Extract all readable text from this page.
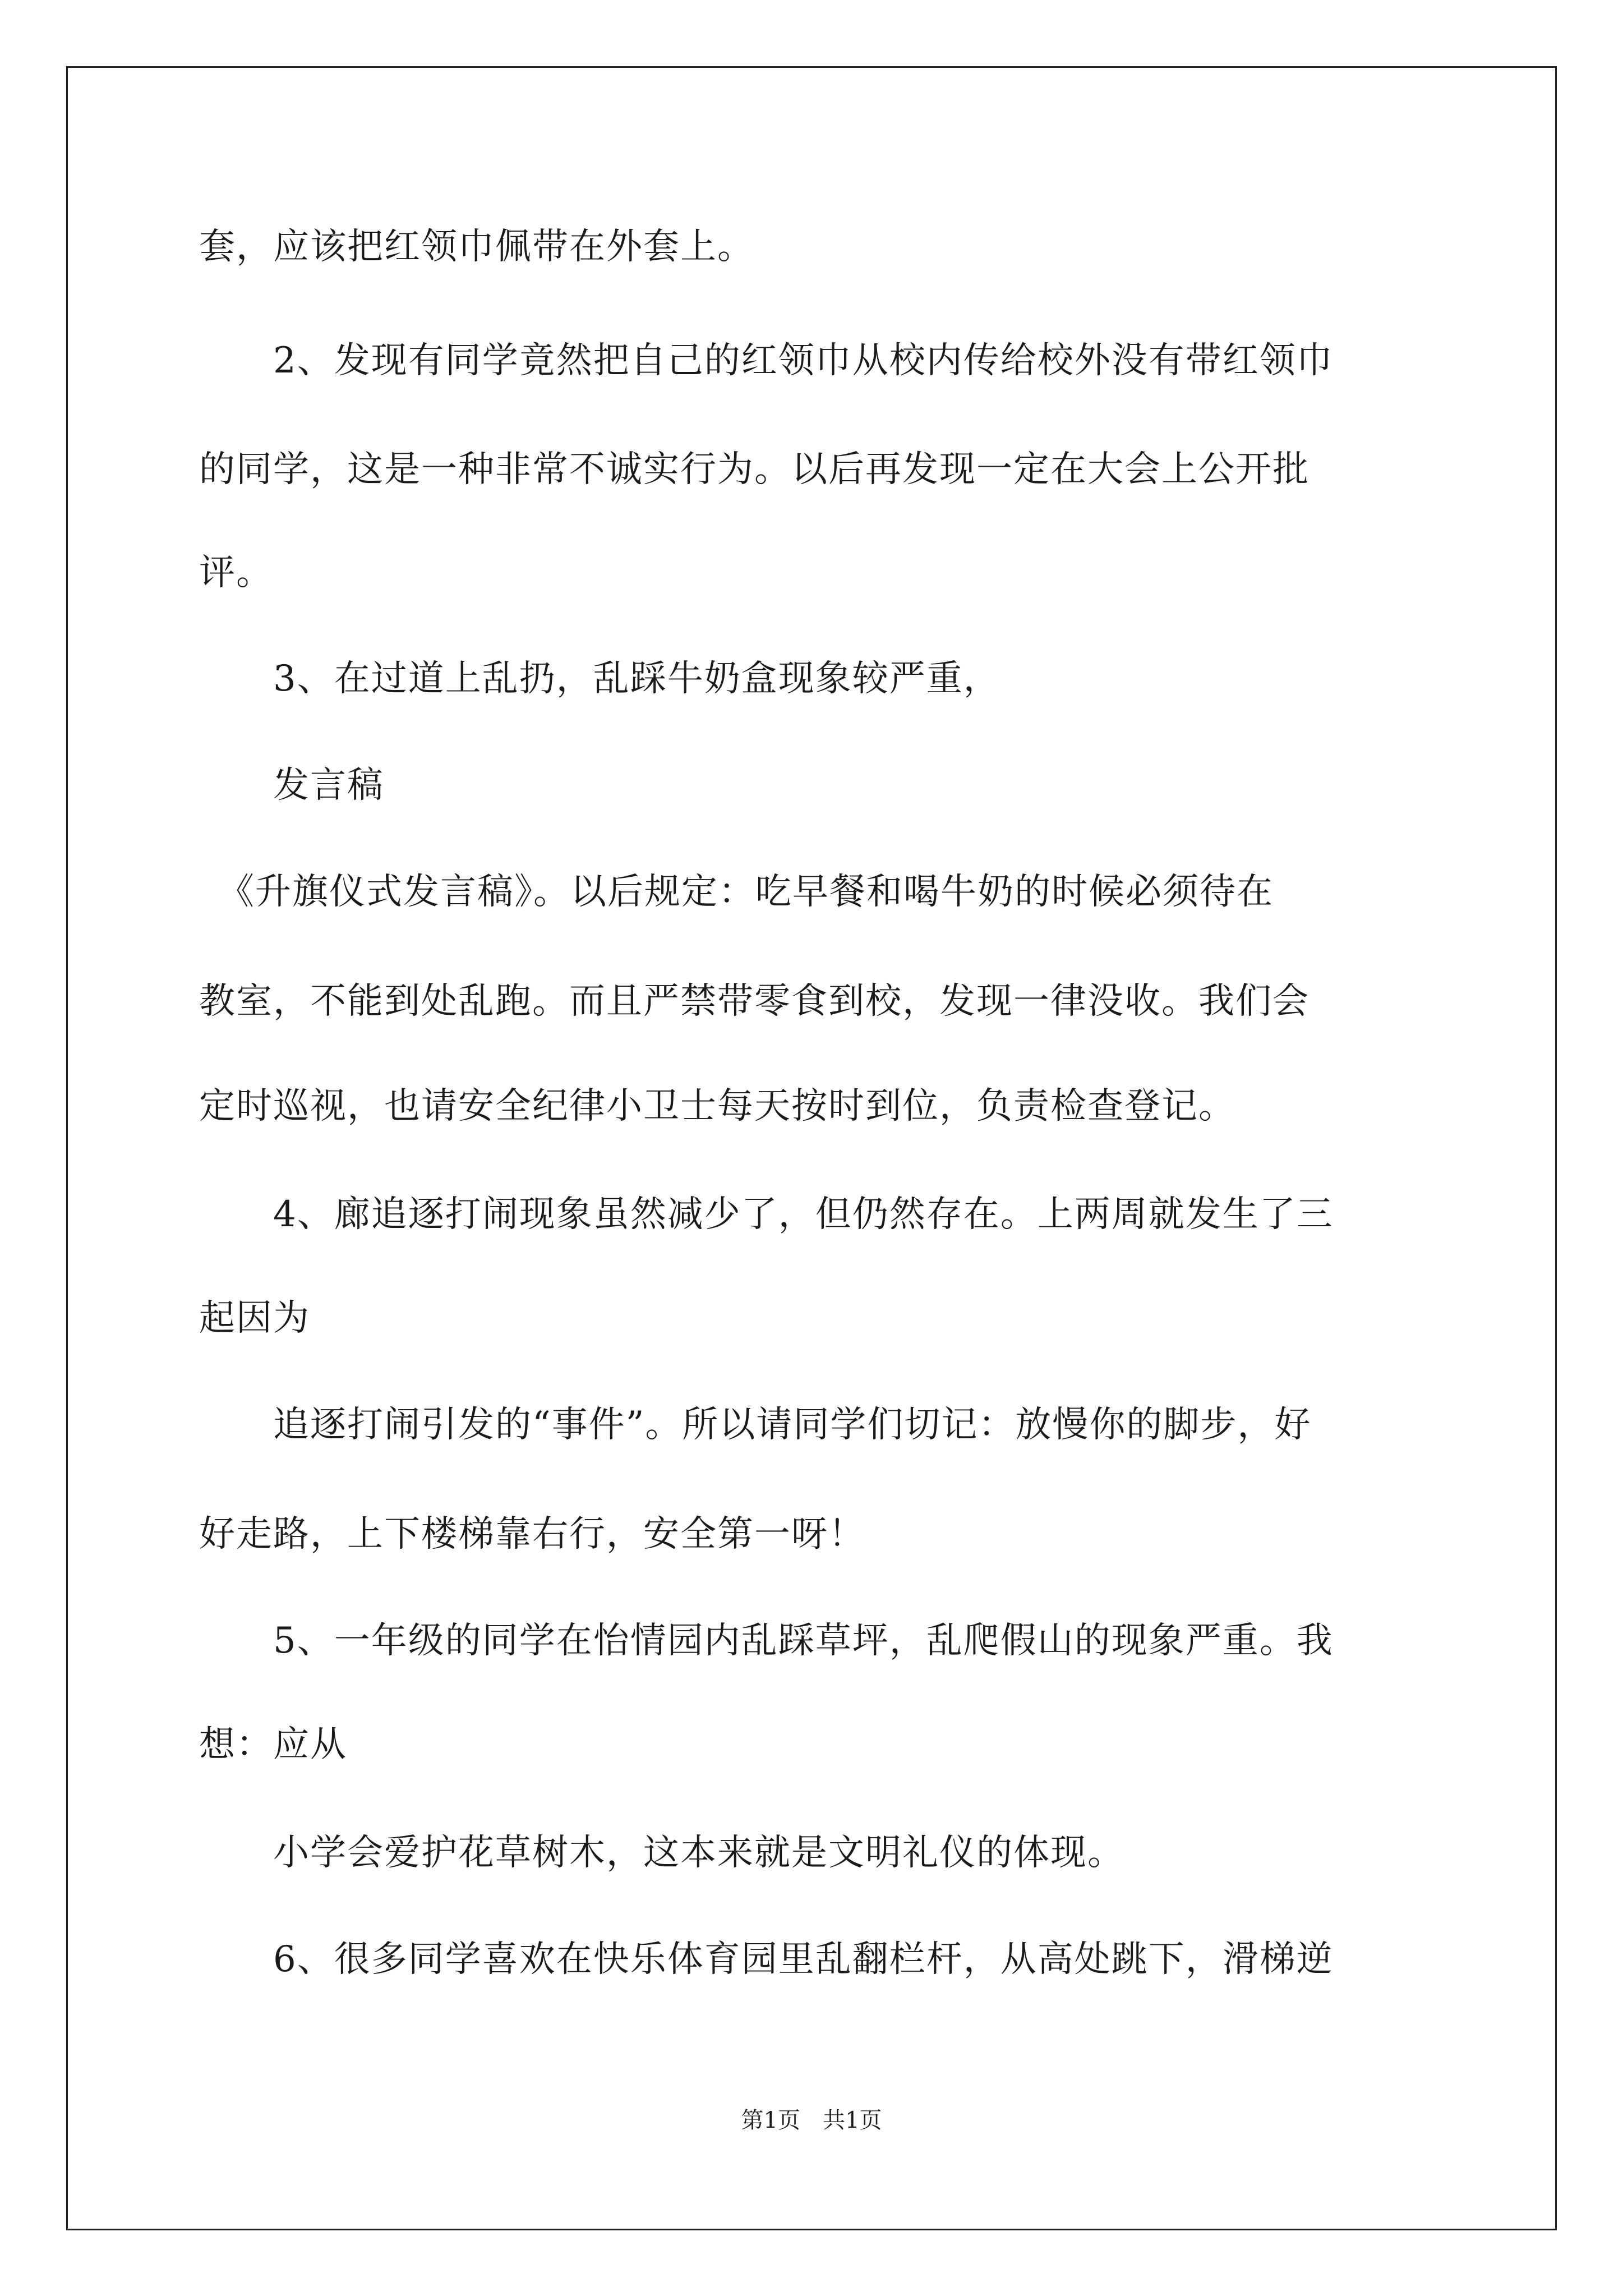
套，应该把红领巾佩带在外套上。
　　2、发现有同学竟然把自己的红领巾从校内传给校外没有带红领巾
的同学，这是一种非常不诚实行为。以后再发现一定在大会上公开批
评。
　　3、在过道上乱扔，乱踩牛奶盒现象较严重，
　　发言稿
　《升旗仪式发言稿》。以后规定：吃早餐和喝牛奶的时候必须待在
教室，不能到处乱跑。而且严禁带零食到校，发现一律没收。我们会
定时巡视，也请安全纪律小卫士每天按时到位，负责检查登记。
　　4、廊追逐打闹现象虽然减少了，但仍然存在。上两周就发生了三
起因为
　　追逐打闹引发的“事件”。所以请同学们切记：放慢你的脚步，好
好走路，上下楼梯靠右行，安全第一呀！
　　5、一年级的同学在怡情园内乱踩草坪，乱爬假山的现象严重。我
想：应从
　　小学会爱护花草树木，这本来就是文明礼仪的体现。
　　6、很多同学喜欢在快乐体育园里乱翻栏杆，从高处跳下，滑梯逆
第1页　共1页
